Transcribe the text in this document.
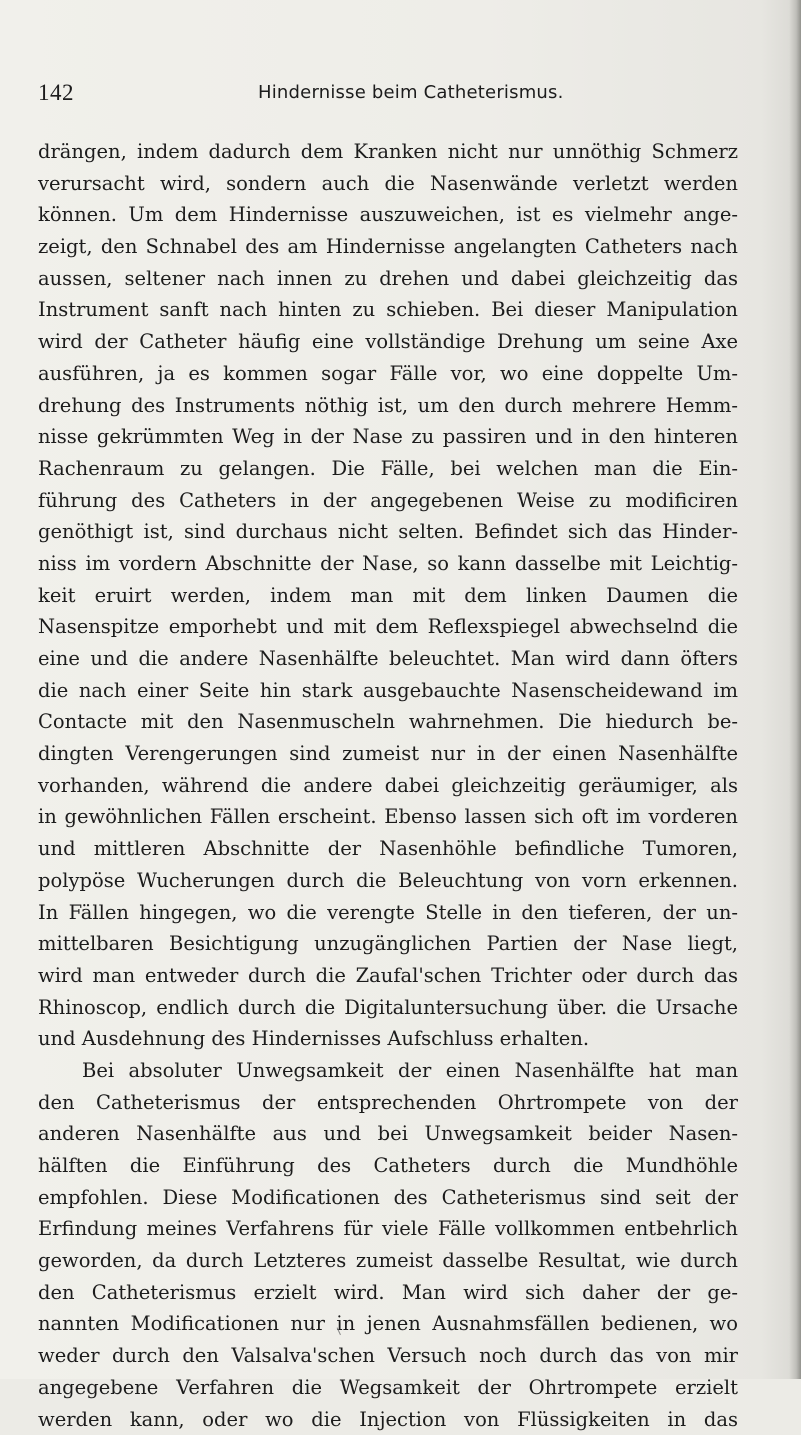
142	Hindernisse beim Catheterismus.
drängen, indem dadurch dem Kranken nicht nur unnöthig Schmerz
verursacht wird, sondern auch die Nasenwände verletzt werden
können. Um dem Hindernisse auszuweichen, ist es vielmehr ange-
zeigt, den Schnabel des am Hindernisse angelangten Catheters nach
aussen, seltener nach innen zu drehen und dabei gleichzeitig das
Instrument sanft nach hinten zu schieben. Bei dieser Manipulation
wird der Catheter häufig eine vollständige Drehung um seine Axe
ausführen, ja es kommen sogar Fälle vor, wo eine doppelte Um-
drehung des Instruments nöthig ist, um den durch mehrere Hemm-
nisse gekrümmten Weg in der Nase zu passiren und in den hinteren
Rachenraum zu gelangen. Die Fälle, bei welchen man die Ein-
führung des Catheters in der angegebenen Weise zu modificiren
genöthigt ist, sind durchaus nicht selten. Befindet sich das Hinder-
niss im vordern Abschnitte der Nase, so kann dasselbe mit Leichtig-
keit eruirt werden, indem man mit dem linken Daumen die
Nasenspitze emporhebt und mit dem Reflexspiegel abwechselnd die
eine und die andere Nasenhälfte beleuchtet. Man wird dann öfters
die nach einer Seite hin stark ausgebauchte Nasenscheidewand im
Contacte mit den Nasenmuscheln wahrnehmen. Die hiedurch be-
dingten Verengerungen sind zumeist nur in der einen Nasenhälfte
vorhanden, während die andere dabei gleichzeitig geräumiger, als
in gewöhnlichen Fällen erscheint. Ebenso lassen sich oft im vorderen
und mittleren Abschnitte der Nasenhöhle befindliche Tumoren,
polypöse Wucherungen durch die Beleuchtung von vorn erkennen.
In Fällen hingegen, wo die verengte Stelle in den tieferen, der un-
mittelbaren Besichtigung unzugänglichen Partien der Nase liegt,
wird man entweder durch die Zaufal'schen Trichter oder durch das
Rhinoscop, endlich durch die Digitaluntersuchung über. die Ursache
und Ausdehnung des Hindernisses Aufschluss erhalten.
Bei absoluter Unwegsamkeit der einen Nasenhälfte hat man
den Catheterismus der entsprechenden Ohrtrompete von der
anderen Nasenhälfte aus und bei Unwegsamkeit beider Nasen-
hälften die Einführung des Catheters durch die Mundhöhle
empfohlen. Diese Modificationen des Catheterismus sind seit der
Erfindung meines Verfahrens für viele Fälle vollkommen entbehrlich
geworden, da durch Letzteres zumeist dasselbe Resultat, wie durch
den Catheterismus erzielt wird. Man wird sich daher der ge-
nannten Modificationen nur in jenen Ausnahmsfällen bedienen, wo
weder durch den Valsalva'schen Versuch noch durch das von mir
angegebene Verfahren die Wegsamkeit der Ohrtrompete erzielt
werden kann, oder wo die Injection von Flüssigkeiten in das
